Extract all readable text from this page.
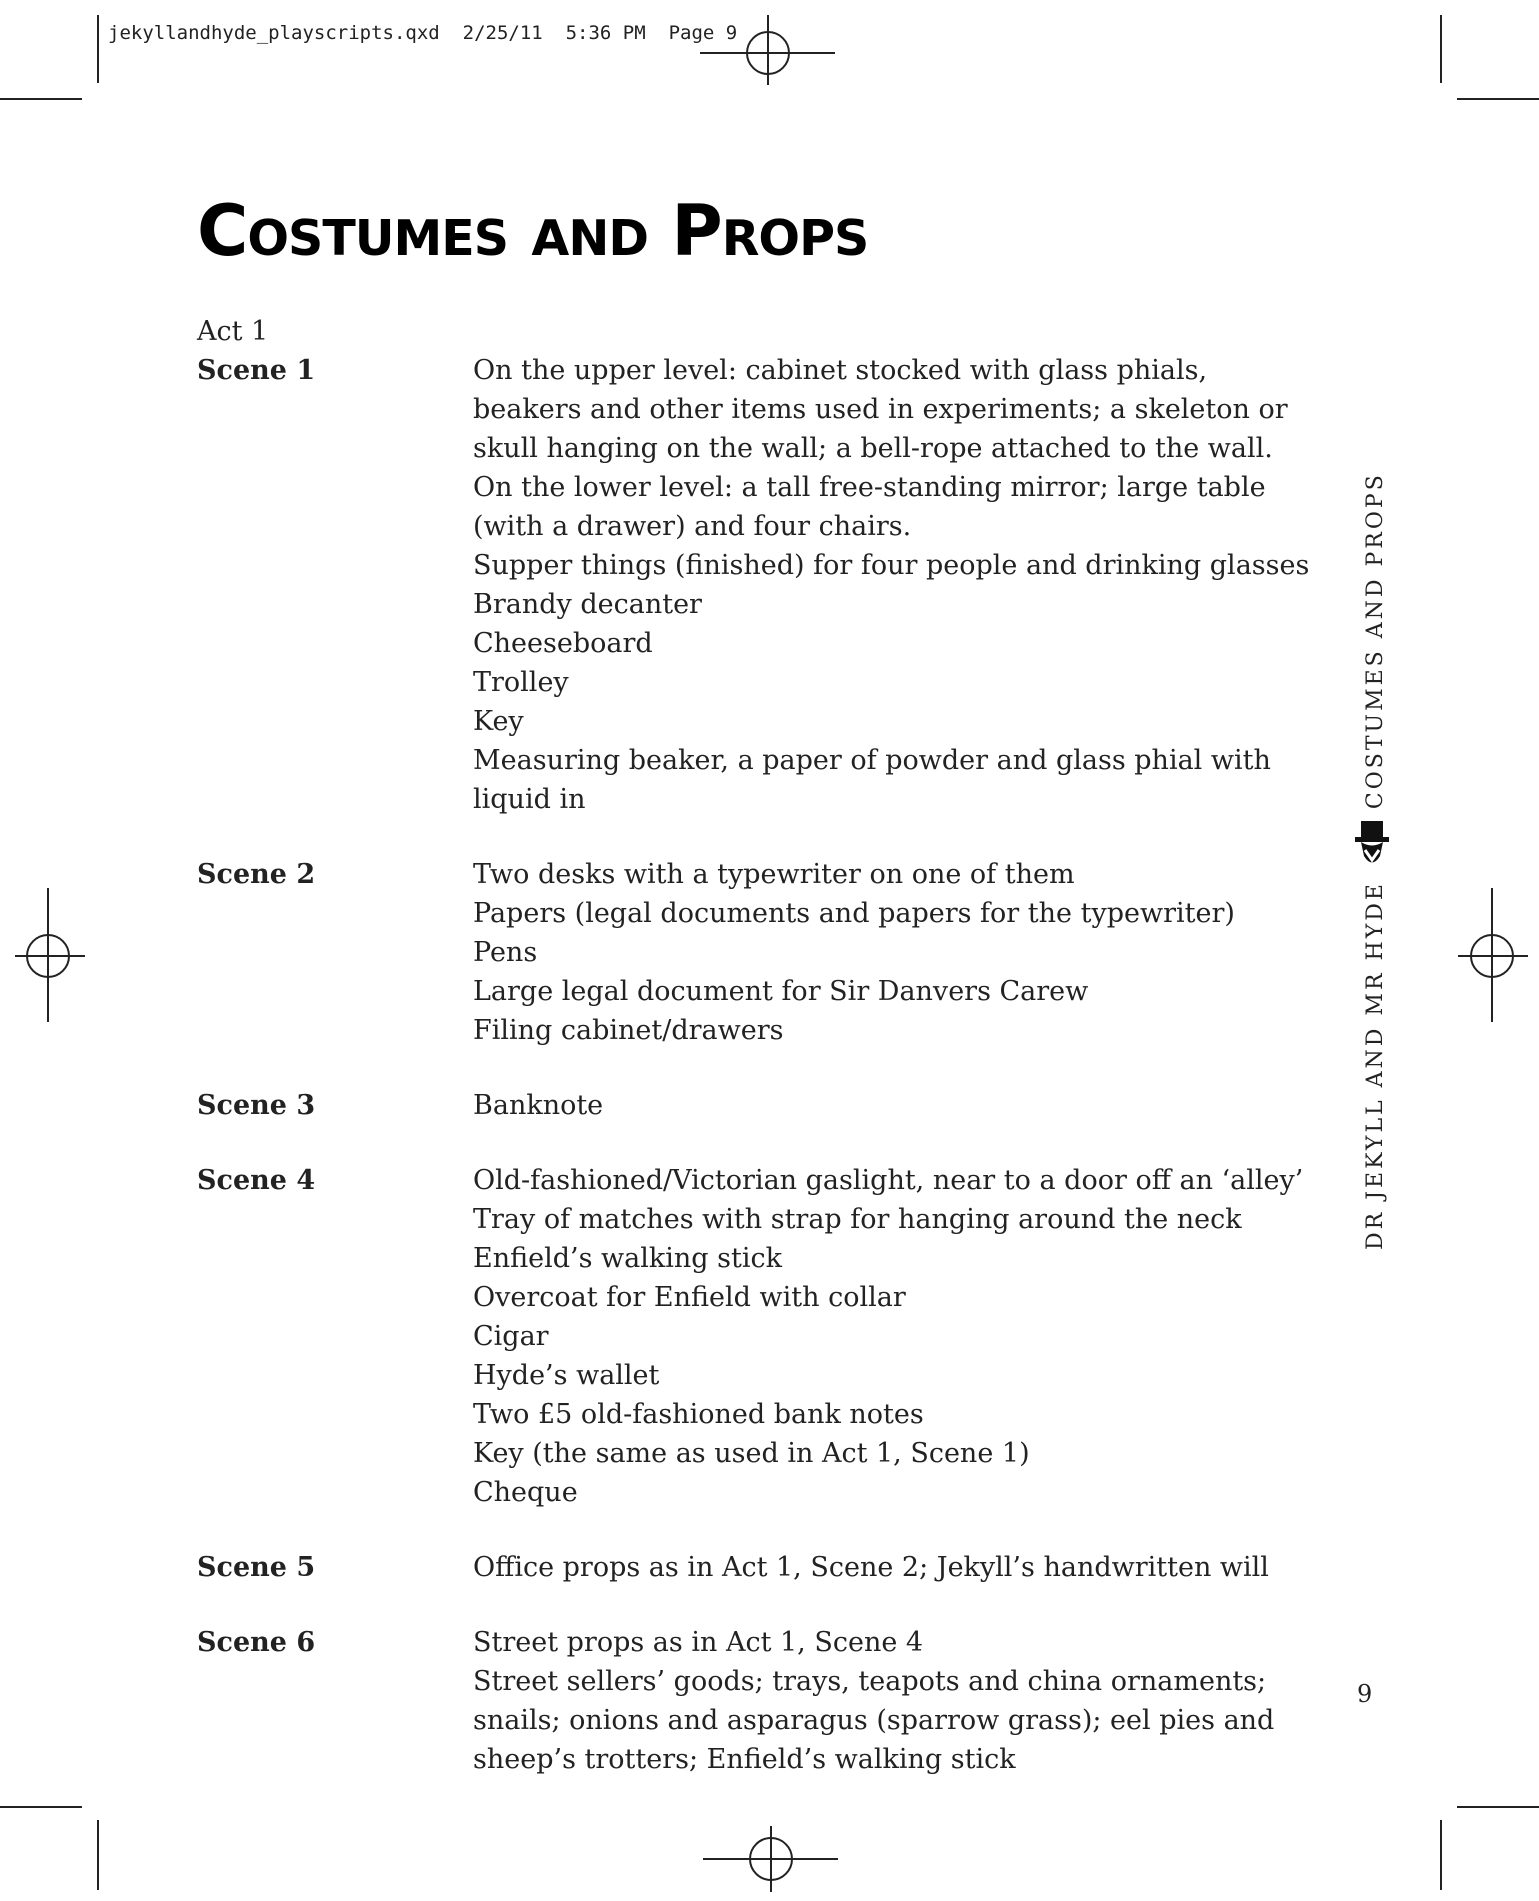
jekyllandhyde_playscripts.qxd 2/25/11 5:36 PM Page 9
Costumes and Props
Act 1
Scene 1	On the upper level: cabinet stocked with glass phials, beakers and other items used in experiments; a skeleton or skull hanging on the wall; a bell-rope attached to the wall. On the lower level: a tall free-standing mirror; large table (with a drawer) and four chairs.
Supper things (finished) for four people and drinking glasses
Brandy decanter
Cheeseboard
Trolley
Key
Measuring beaker, a paper of powder and glass phial with liquid in
Scene 2	Two desks with a typewriter on one of them
Papers (legal documents and papers for the typewriter)
Pens
Large legal document for Sir Danvers Carew
Filing cabinet/drawers
Scene 3	Banknote
Scene 4	Old-fashioned/Victorian gaslight, near to a door off an ‘alley’
Tray of matches with strap for hanging around the neck
Enfield’s walking stick
Overcoat for Enfield with collar
Cigar
Hyde’s wallet
Two £5 old-fashioned bank notes
Key (the same as used in Act 1, Scene 1)
Cheque
Scene 5	Office props as in Act 1, Scene 2; Jekyll’s handwritten will
Scene 6	Street props as in Act 1, Scene 4
Street sellers’ goods; trays, teapots and china ornaments; snails; onions and asparagus (sparrow grass); eel pies and sheep’s trotters; Enfield’s walking stick
DR JEKYLL AND MR HYDE
COSTUMES AND PROPS
9
